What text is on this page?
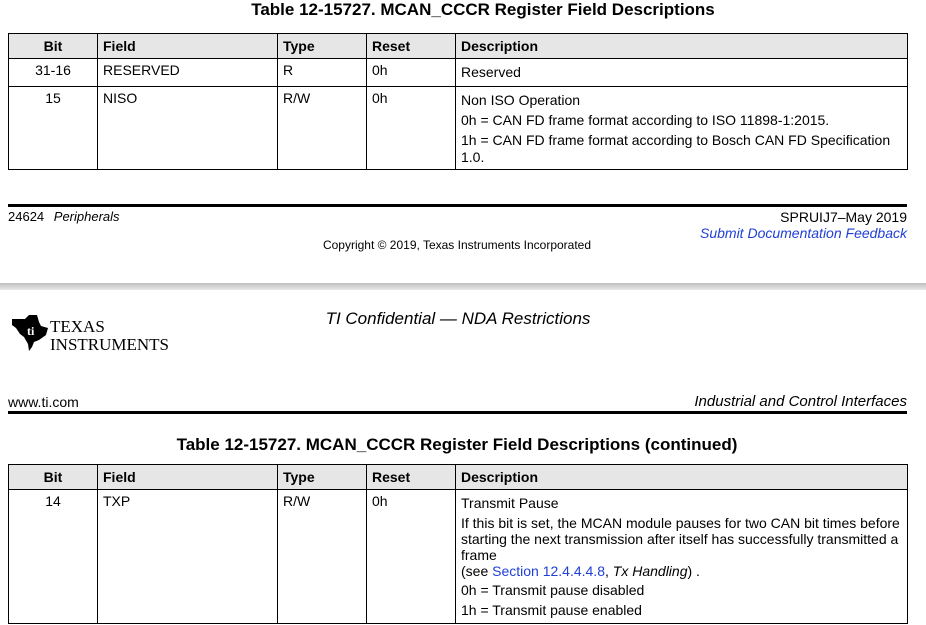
Table 12-15727. MCAN_CCCR Register Field Descriptions
Bit	Field	Type	Reset	Description
31-16	RESERVED	R	0h	Reserved

15	NISO	R/W	0h	Non ISO Operation
0h = CAN FD frame format according to ISO 11898-1:2015.
1h = CAN FD frame format according to Bosch CAN FD Specification 1.0.
24624 Peripherals	SPRUIJ7–May 2019
Submit Documentation Feedback
Copyright © 2019, Texas Instruments Incorporated
ti TEXAS
INSTRUMENTS
TI Confidential — NDA Restrictions
www.ti.com	Industrial and Control Interfaces
Table 12-15727. MCAN_CCCR Register Field Descriptions (continued)
Bit	Field	Type	Reset	Description
14	TXP	R/W	0h	Transmit Pause
If this bit is set, the MCAN module pauses for two CAN bit times before starting the next transmission after itself has successfully transmitted a frame
(see Section 12.4.4.4.8, Tx Handling) .
0h = Transmit pause disabled
1h = Transmit pause enabled
